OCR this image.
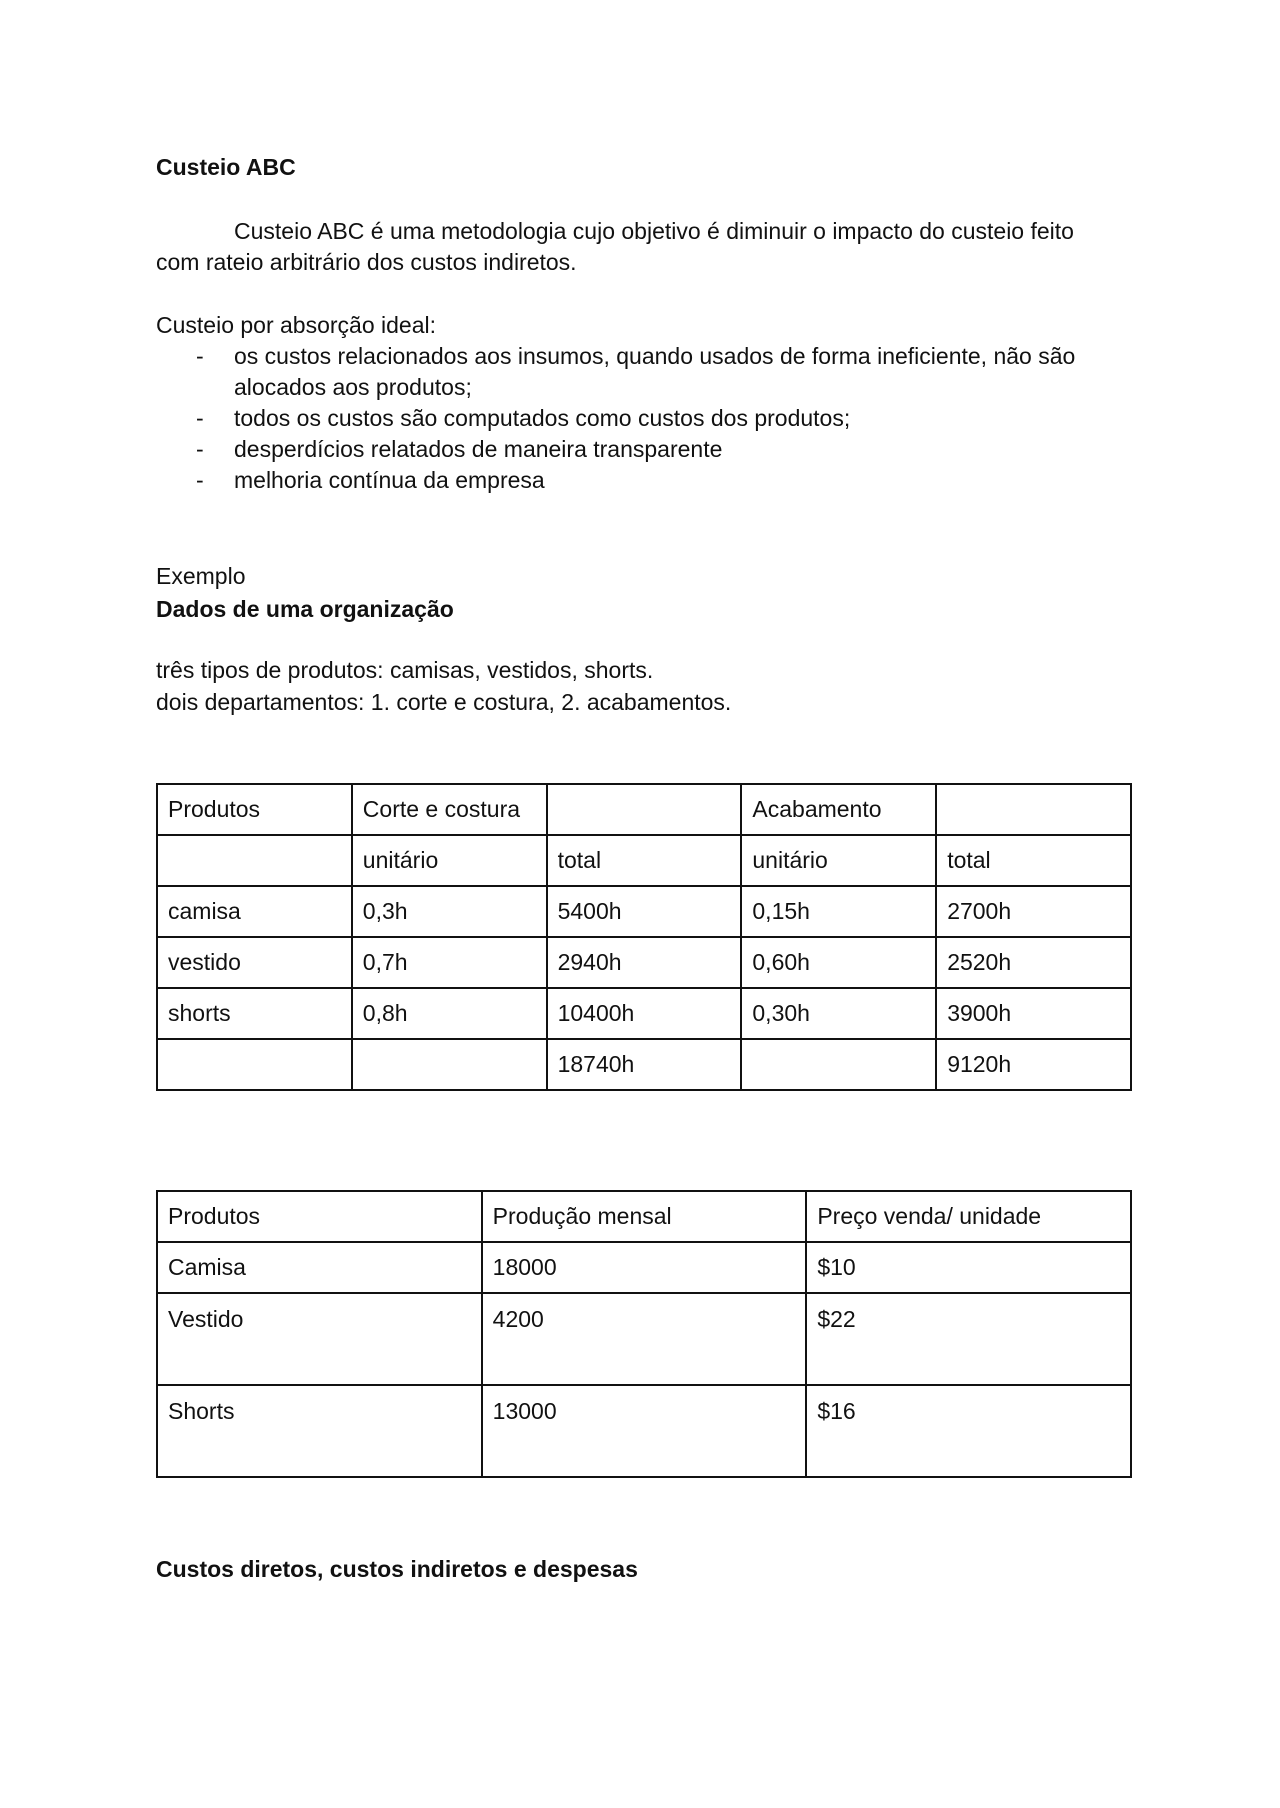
Custeio ABC
Custeio ABC é uma metodologia cujo objetivo é diminuir o impacto do custeio feito
com rateio arbitrário dos custos indiretos.
Custeio por absorção ideal:
- os custos relacionados aos insumos, quando usados de forma ineficiente, não são alocados aos produtos;
- todos os custos são computados como custos dos produtos;
- desperdícios relatados de maneira transparente
- melhoria contínua da empresa
Exemplo
Dados de uma organização
três tipos de produtos: camisas, vestidos, shorts.
dois departamentos: 1. corte e costura, 2. acabamentos.
Produtos	Corte e costura		Acabamento	
	unitário	total	unitário	total
camisa	0,3h	5400h	0,15h	2700h
vestido	0,7h	2940h	0,60h	2520h
shorts	0,8h	10400h	0,30h	3900h
		18740h		9120h
Produtos	Produção mensal	Preço venda/ unidade
Camisa	18000	$10
Vestido	4200	$22
Shorts	13000	$16
Custos diretos, custos indiretos e despesas
